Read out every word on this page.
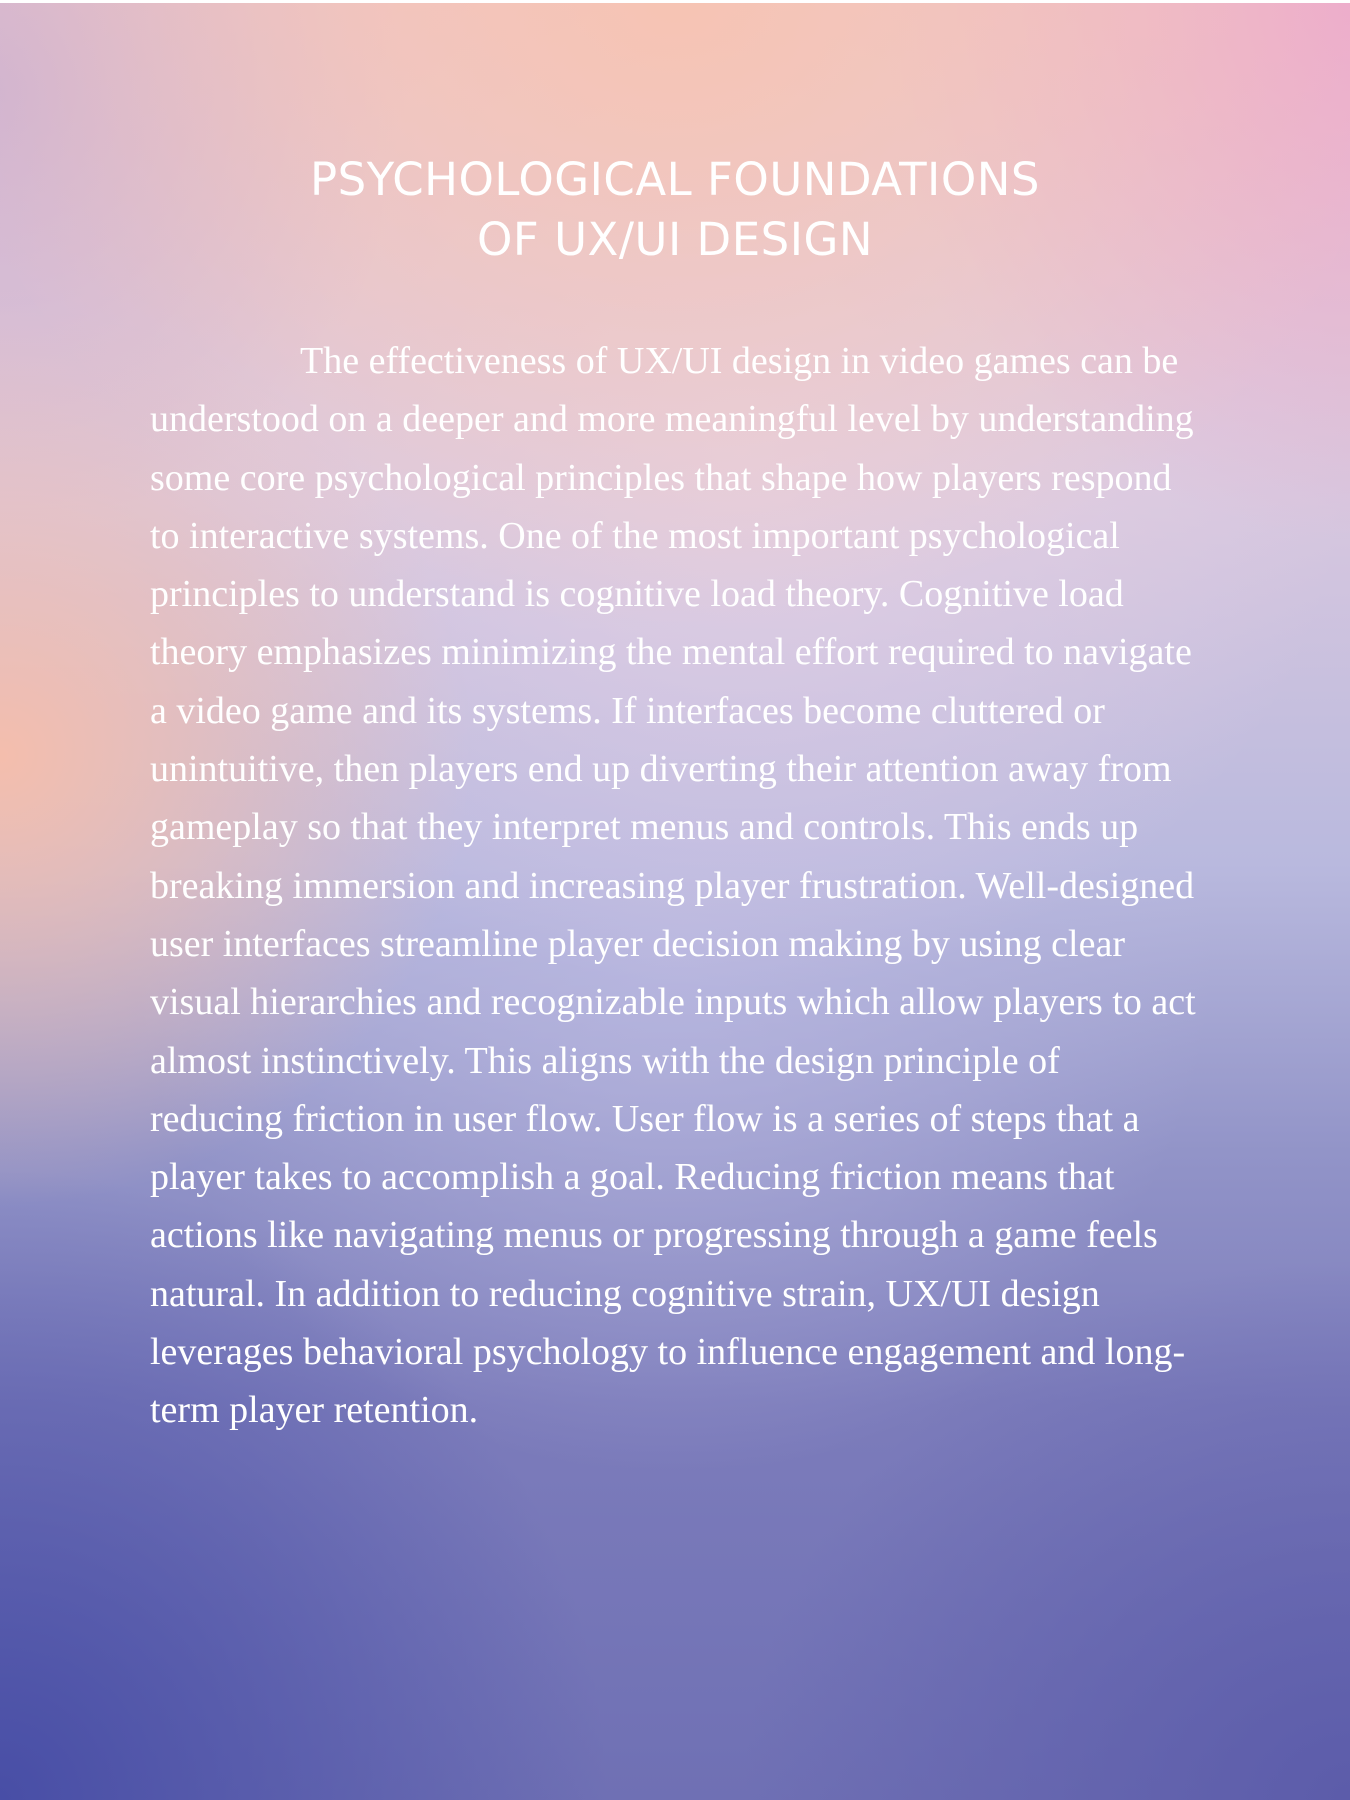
PSYCHOLOGICAL FOUNDATIONS
OF UX/UI DESIGN

The effectiveness of UX/UI design in video games can be understood on a deeper and more meaningful level by understanding some core psychological principles that shape how players respond to interactive systems. One of the most important psychological principles to understand is cognitive load theory. Cognitive load theory emphasizes minimizing the mental effort required to navigate a video game and its systems. If interfaces become cluttered or unintuitive, then players end up diverting their attention away from gameplay so that they interpret menus and controls. This ends up breaking immersion and increasing player frustration. Well-designed user interfaces streamline player decision making by using clear visual hierarchies and recognizable inputs which allow players to act almost instinctively. This aligns with the design principle of reducing friction in user flow. User flow is a series of steps that a player takes to accomplish a goal. Reducing friction means that actions like navigating menus or progressing through a game feels natural. In addition to reducing cognitive strain, UX/UI design leverages behavioral psychology to influence engagement and long-term player retention.
